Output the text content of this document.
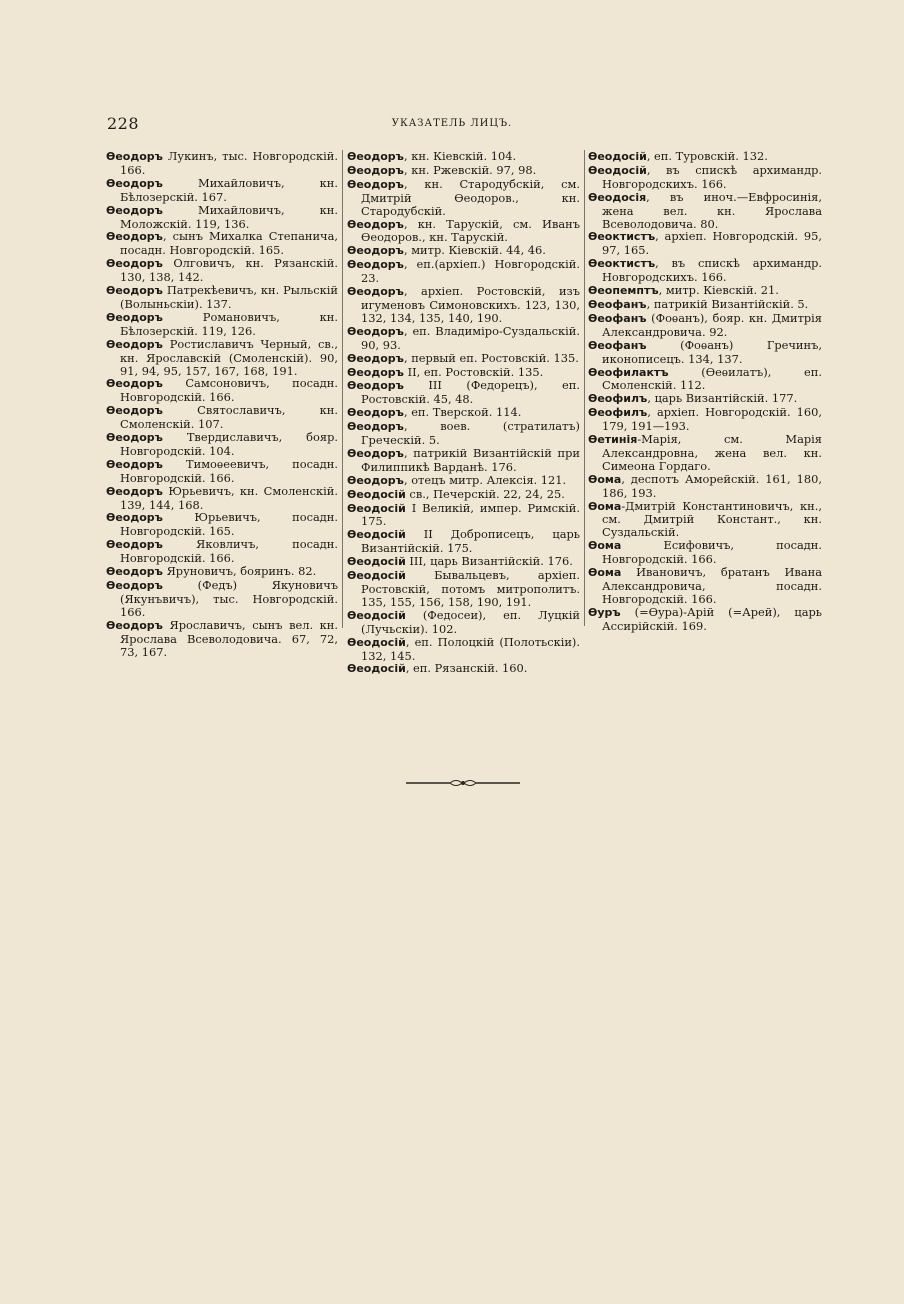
228	УКАЗАТЕЛЬ ЛИЦЪ.

Өеодоръ Лукинъ, тыс. Новгородскій. 166.

Өеодоръ Михайловичъ, кн. Бѣлозерскій. 167.

Өеодоръ Михайловичъ, кн. Моложскій. 119, 136.

Өеодоръ, сынъ Михалка Степанича, посадн. Новгородскій. 165.

Өеодоръ Олговичъ, кн. Рязанскій. 130, 138, 142.

Өеодоръ Патрекѣевичъ, кн. Рыльскій (Волыньскіи). 137.

Өеодоръ Романовичъ, кн. Бѣлозерскій. 119, 126.

Өеодоръ Ростиславичъ Черный, св., кн. Ярославскій (Смоленскій). 90, 91, 94, 95, 157, 167, 168, 191.

Өеодоръ Самсоновичъ, посадн. Новгородскій. 166.

Өеодоръ Святославичъ, кн. Смоленскій. 107.

Өеодоръ Твердиславичъ, бояр. Новгородскій. 104.

Өеодоръ Тимоѳеевичъ, посадн. Новгородскій. 166.

Өеодоръ Юрьевичъ, кн. Смоленскій. 139, 144, 168.

Өеодоръ Юрьевичъ, посадн. Новгородскій. 165.

Өеодоръ Яковличъ, посадн. Новгородскій. 166.

Өеодоръ Яруновичъ, бояринъ. 82.

Өеодоръ (Федъ) Якуновичъ (Якунъвичъ), тыс. Новгородскій. 166.

Өеодоръ Ярославичъ, сынъ вел. кн. Ярослава Всеволодовича. 67, 72, 73, 167.

Өеодоръ, кн. Кіевскій. 104.

Өеодоръ, кн. Ржевскій. 97, 98.

Өеодоръ, кн. Стародубскій, см. Дмитрій Өеодоров., кн. Стародубскій.

Өеодоръ, кн. Тарускій, см. Иванъ Өеодоров., кн. Тарускій.

Өеодоръ, митр. Кіевскій. 44, 46.

Өеодоръ, еп.(архіеп.) Новгородскій. 23.

Өеодоръ, архіеп. Ростовскій, изъ игуменовъ Симоновскихъ. 123, 130, 132, 134, 135, 140, 190.

Өеодоръ, еп. Владиміро-Суздальскій. 90, 93.

Өеодоръ, первый еп. Ростовскій. 135.

Өеодоръ II, еп. Ростовскій. 135.

Өеодоръ III (Федорецъ), еп. Ростовскій. 45, 48.

Өеодоръ, еп. Тверской. 114.

Өеодоръ, воев. (стратилатъ) Греческій. 5.

Өеодоръ, патрикій Византійскій при Филиппикѣ Варданѣ. 176.

Өеодоръ, отецъ митр. Алексія. 121.

Өеодосій св., Печерскій. 22, 24, 25.

Өеодосій I Великій, импер. Римскій. 175.

Өеодосій II Доброписецъ, царь Византійскій. 175.

Өеодосій III, царь Византійскій. 176.

Өеодосій Бывальцевъ, архіеп. Ростовскій, потомъ митрополитъ. 135, 155, 156, 158, 190, 191.

Өеодосій (Федосеи), еп. Луцкій (Лучьскіи). 102.

Өеодосій, еп. Полоцкій (Полотьскіи). 132, 145.

Өеодосій, еп. Рязанскій. 160.

Өеодосій, еп. Туровскій. 132.

Өеодосій, въ спискѣ архимандр. Новгородскихъ. 166.

Өеодосія, въ иноч.—Евфросинія, жена вел. кн. Ярослава Всеволодовича. 80.

Өеоктистъ, архіеп. Новгородскій. 95, 97, 165.

Өеоктистъ, въ спискѣ архимандр. Новгородскихъ. 166.

Өеопемптъ, митр. Кіевскій. 21.

Өеофанъ, патрикій Византійскій. 5.

Өеофанъ (Фоѳанъ), бояр. кн. Дмитрія Александровича. 92.

Өеофанъ (Фоѳанъ) Гречинъ, иконописецъ. 134, 137.

Өеофилактъ (Өеѳилатъ), еп. Смоленскій. 112.

Өеофилъ, царь Византійскій. 177.

Өеофилъ, архіеп. Новгородскій. 160, 179, 191—193.

Өетинія-Марія, см. Марія Александровна, жена вел. кн. Симеона Гордаго.

Өома, деспотъ Аморейскій. 161, 180, 186, 193.

Өома-Дмитрій Константиновичъ, кн., см. Дмитрій Констант., кн. Суздальскій.

Өома Есифовичъ, посадн. Новгородскій. 166.

Өома Ивановичъ, братанъ Ивана Александровича, посадн. Новгородскій. 166.

Өуръ (=Өура)-Арій (=Арей), царь Ассирійскій. 169.
